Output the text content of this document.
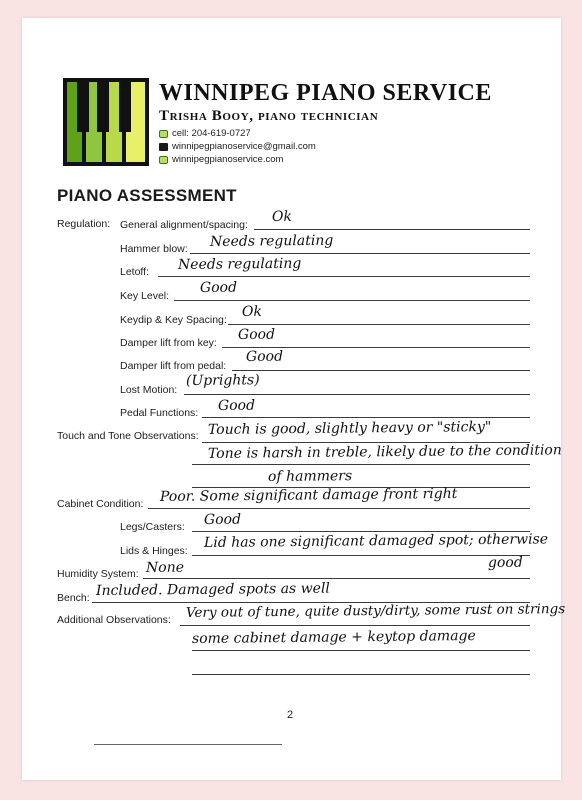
WINNIPEG PIANO SERVICE
Trisha Booy, piano technician
cell: 204-619-0727
winnipegpianoservice@gmail.com
winnipegpianoservice.com
PIANO ASSESSMENT
Regulation: General alignment/spacing:
Ok
Hammer blow: Needs regulating
Letoff: Needs regulating
Key Level:
Good
Keydip & Key Spacing:
Ok
Damper lift from key:
Good
Damper lift from pedal:
Good
Lost Motion:
(Uprights)
Pedal Functions: Good
Touch and Tone Observations: Touch is good, slightly heavy or "sticky"
Tone is harsh in treble, likely due to the condition
of hammers
Cabinet Condition: Poor. Some significant damage front right
Legs/Casters: Good
Lids & Hinges:
Lid has one significant damaged spot; otherwise
good
Humidity System: None
Bench: Included. Damaged spots as well
Additional Observations: Very out of tune, quite dusty/dirty, some rust on strings
some cabinet damage + keytop damage
2
